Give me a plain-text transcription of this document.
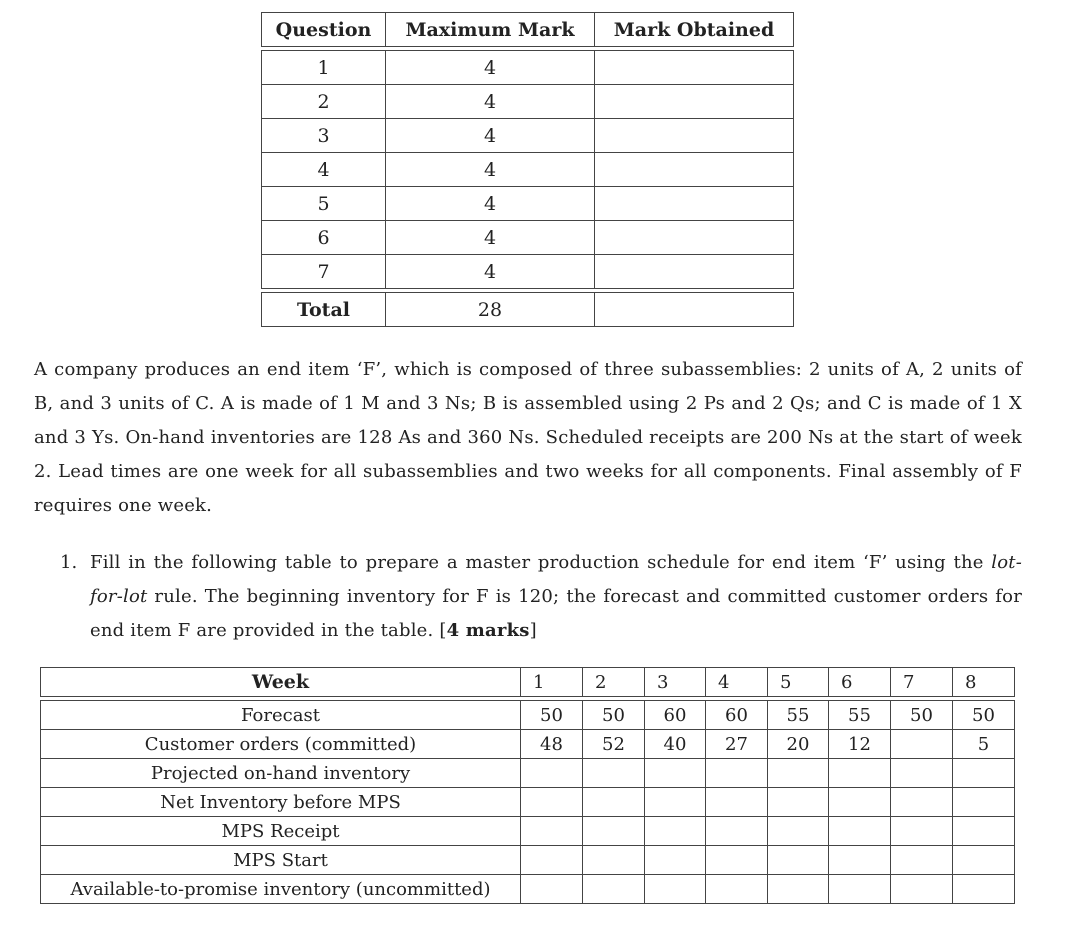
Question	Maximum Mark	Mark Obtained

1	4	
2	4	
3	4	
4	4	
5	4	
6	4	
7	4	

Total	28	

A company produces an end item ‘F’, which is composed of three subassemblies: 2 units of A, 2 units of B, and 3 units of C. A is made of 1 M and 3 Ns; B is assembled using 2 Ps and 2 Qs; and C is made of 1 X and 3 Ys. On-hand inventories are 128 As and 360 Ns. Scheduled receipts are 200 Ns at the start of week 2. Lead times are one week for all subassemblies and two weeks for all components. Final assembly of F requires one week.

1. Fill in the following table to prepare a master production schedule for end item ‘F’ using the lot-for-lot rule. The beginning inventory for F is 120; the forecast and committed customer orders for end item F are provided in the table. [4 marks]
Week	1	2	3	4	5	6	7	8

Forecast	50	50	60	60	55	55	50	50
Customer orders (committed)	48	52	40	27	20	12		5
Projected on-hand inventory								
Net Inventory before MPS								
MPS Receipt								
MPS Start								
Available-to-promise inventory (uncommitted)								
